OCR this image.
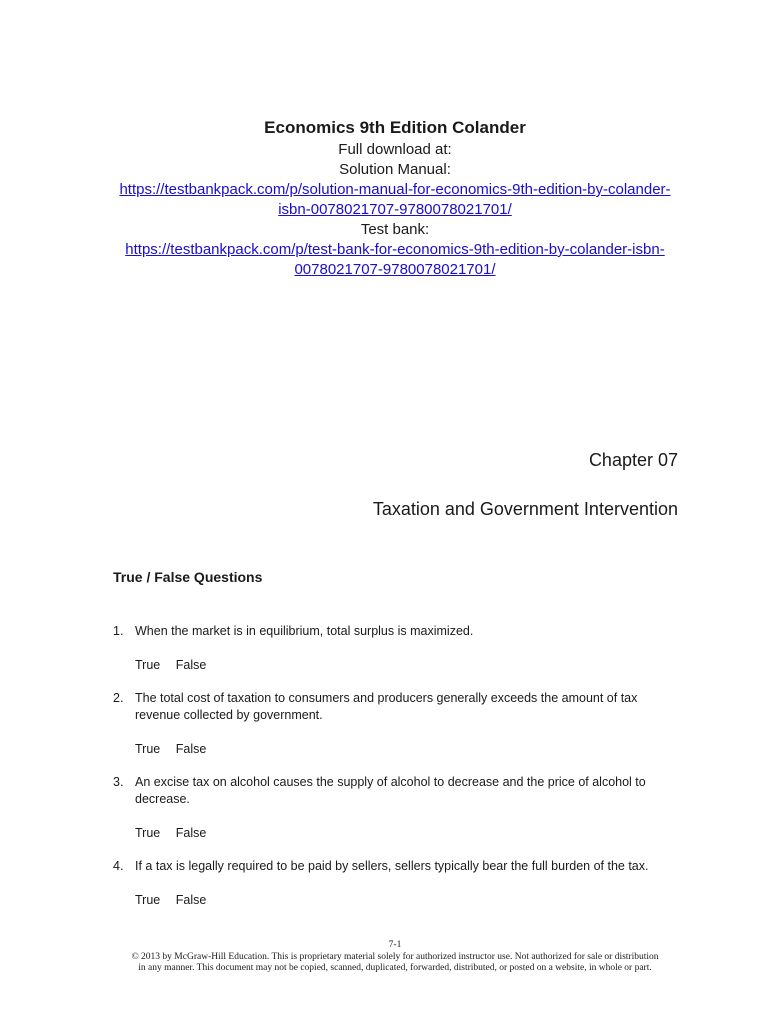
Economics 9th Edition Colander

Full download at:

Solution Manual:

https://testbankpack.com/p/solution-manual-for-economics-9th-edition-by-colander-
isbn-0078021707-9780078021701/

Test bank:

https://testbankpack.com/p/test-bank-for-economics-9th-edition-by-colander-isbn-
0078021707-9780078021701/
Chapter 07
Taxation and Government Intervention
True / False Questions
1. When the market is in equilibrium, total surplus is maximized.
True False
2. The total cost of taxation to consumers and producers generally exceeds the amount of tax revenue collected by government.
True False
3. An excise tax on alcohol causes the supply of alcohol to decrease and the price of alcohol to decrease.
True False
4. If a tax is legally required to be paid by sellers, sellers typically bear the full burden of the tax.
True False
7-1
© 2013 by McGraw-Hill Education. This is proprietary material solely for authorized instructor use. Not authorized for sale or distribution
in any manner. This document may not be copied, scanned, duplicated, forwarded, distributed, or posted on a website, in whole or part.
